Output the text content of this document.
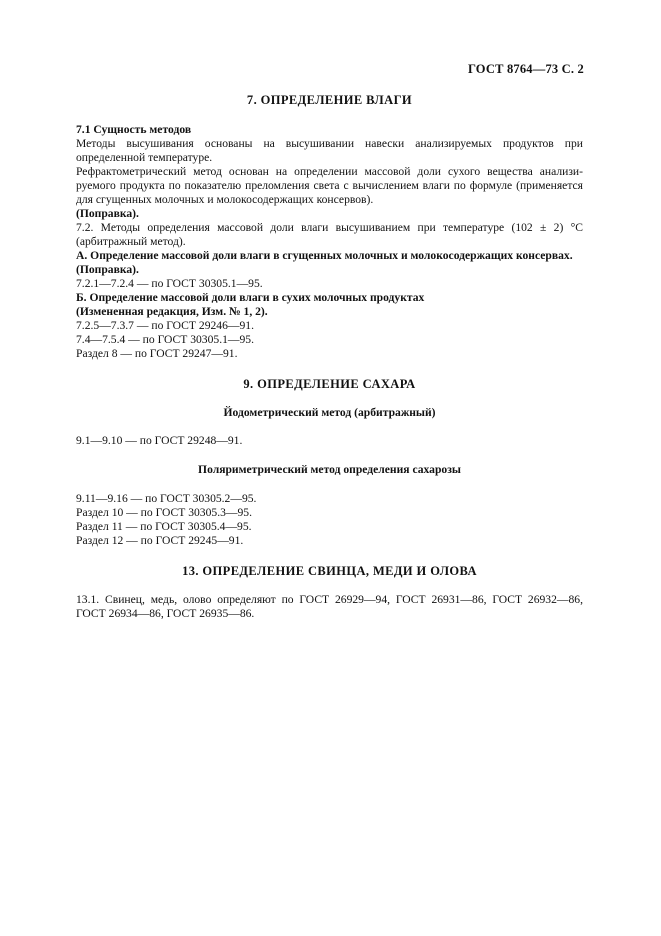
ГОСТ 8764—73 С. 2

7. ОПРЕДЕЛЕНИЕ ВЛАГИ

7.1 Сущность методов

Методы высушивания основаны на высушивании навески анализируемых продуктов при

определенной температуре.

Рефрактометрический метод основан на определении массовой доли сухого вещества анализи-

руемого продукта по показателю преломления света с вычислением влаги по формуле (применяется

для сгущенных молочных и молокосодержащих консервов).

(Поправка).

7.2. Методы определения массовой доли влаги высушиванием при температуре (102 ± 2) °С

(арбитражный метод).

А. Определение массовой доли влаги в сгущенных молочных и молокосодержащих консервах.

(Поправка).

7.2.1—7.2.4 — по ГОСТ 30305.1—95.

Б. Определение массовой доли влаги в сухих молочных продуктах

(Измененная редакция, Изм. № 1, 2).

7.2.5—7.3.7 — по ГОСТ 29246—91.

7.4—7.5.4 — по ГОСТ 30305.1—95.

Раздел 8 — по ГОСТ 29247—91.

9. ОПРЕДЕЛЕНИЕ САХАРА

Йодометрический метод (арбитражный)

9.1—9.10 — по ГОСТ 29248—91.

Поляриметрический метод определения сахарозы

9.11—9.16 — по ГОСТ 30305.2—95.

Раздел 10 — по ГОСТ 30305.3—95.

Раздел 11 — по ГОСТ 30305.4—95.

Раздел 12 — по ГОСТ 29245—91.

13. ОПРЕДЕЛЕНИЕ СВИНЦА, МЕДИ И ОЛОВА

13.1. Свинец, медь, олово определяют по ГОСТ 26929—94, ГОСТ 26931—86, ГОСТ 26932—86,

ГОСТ 26934—86, ГОСТ 26935—86.
